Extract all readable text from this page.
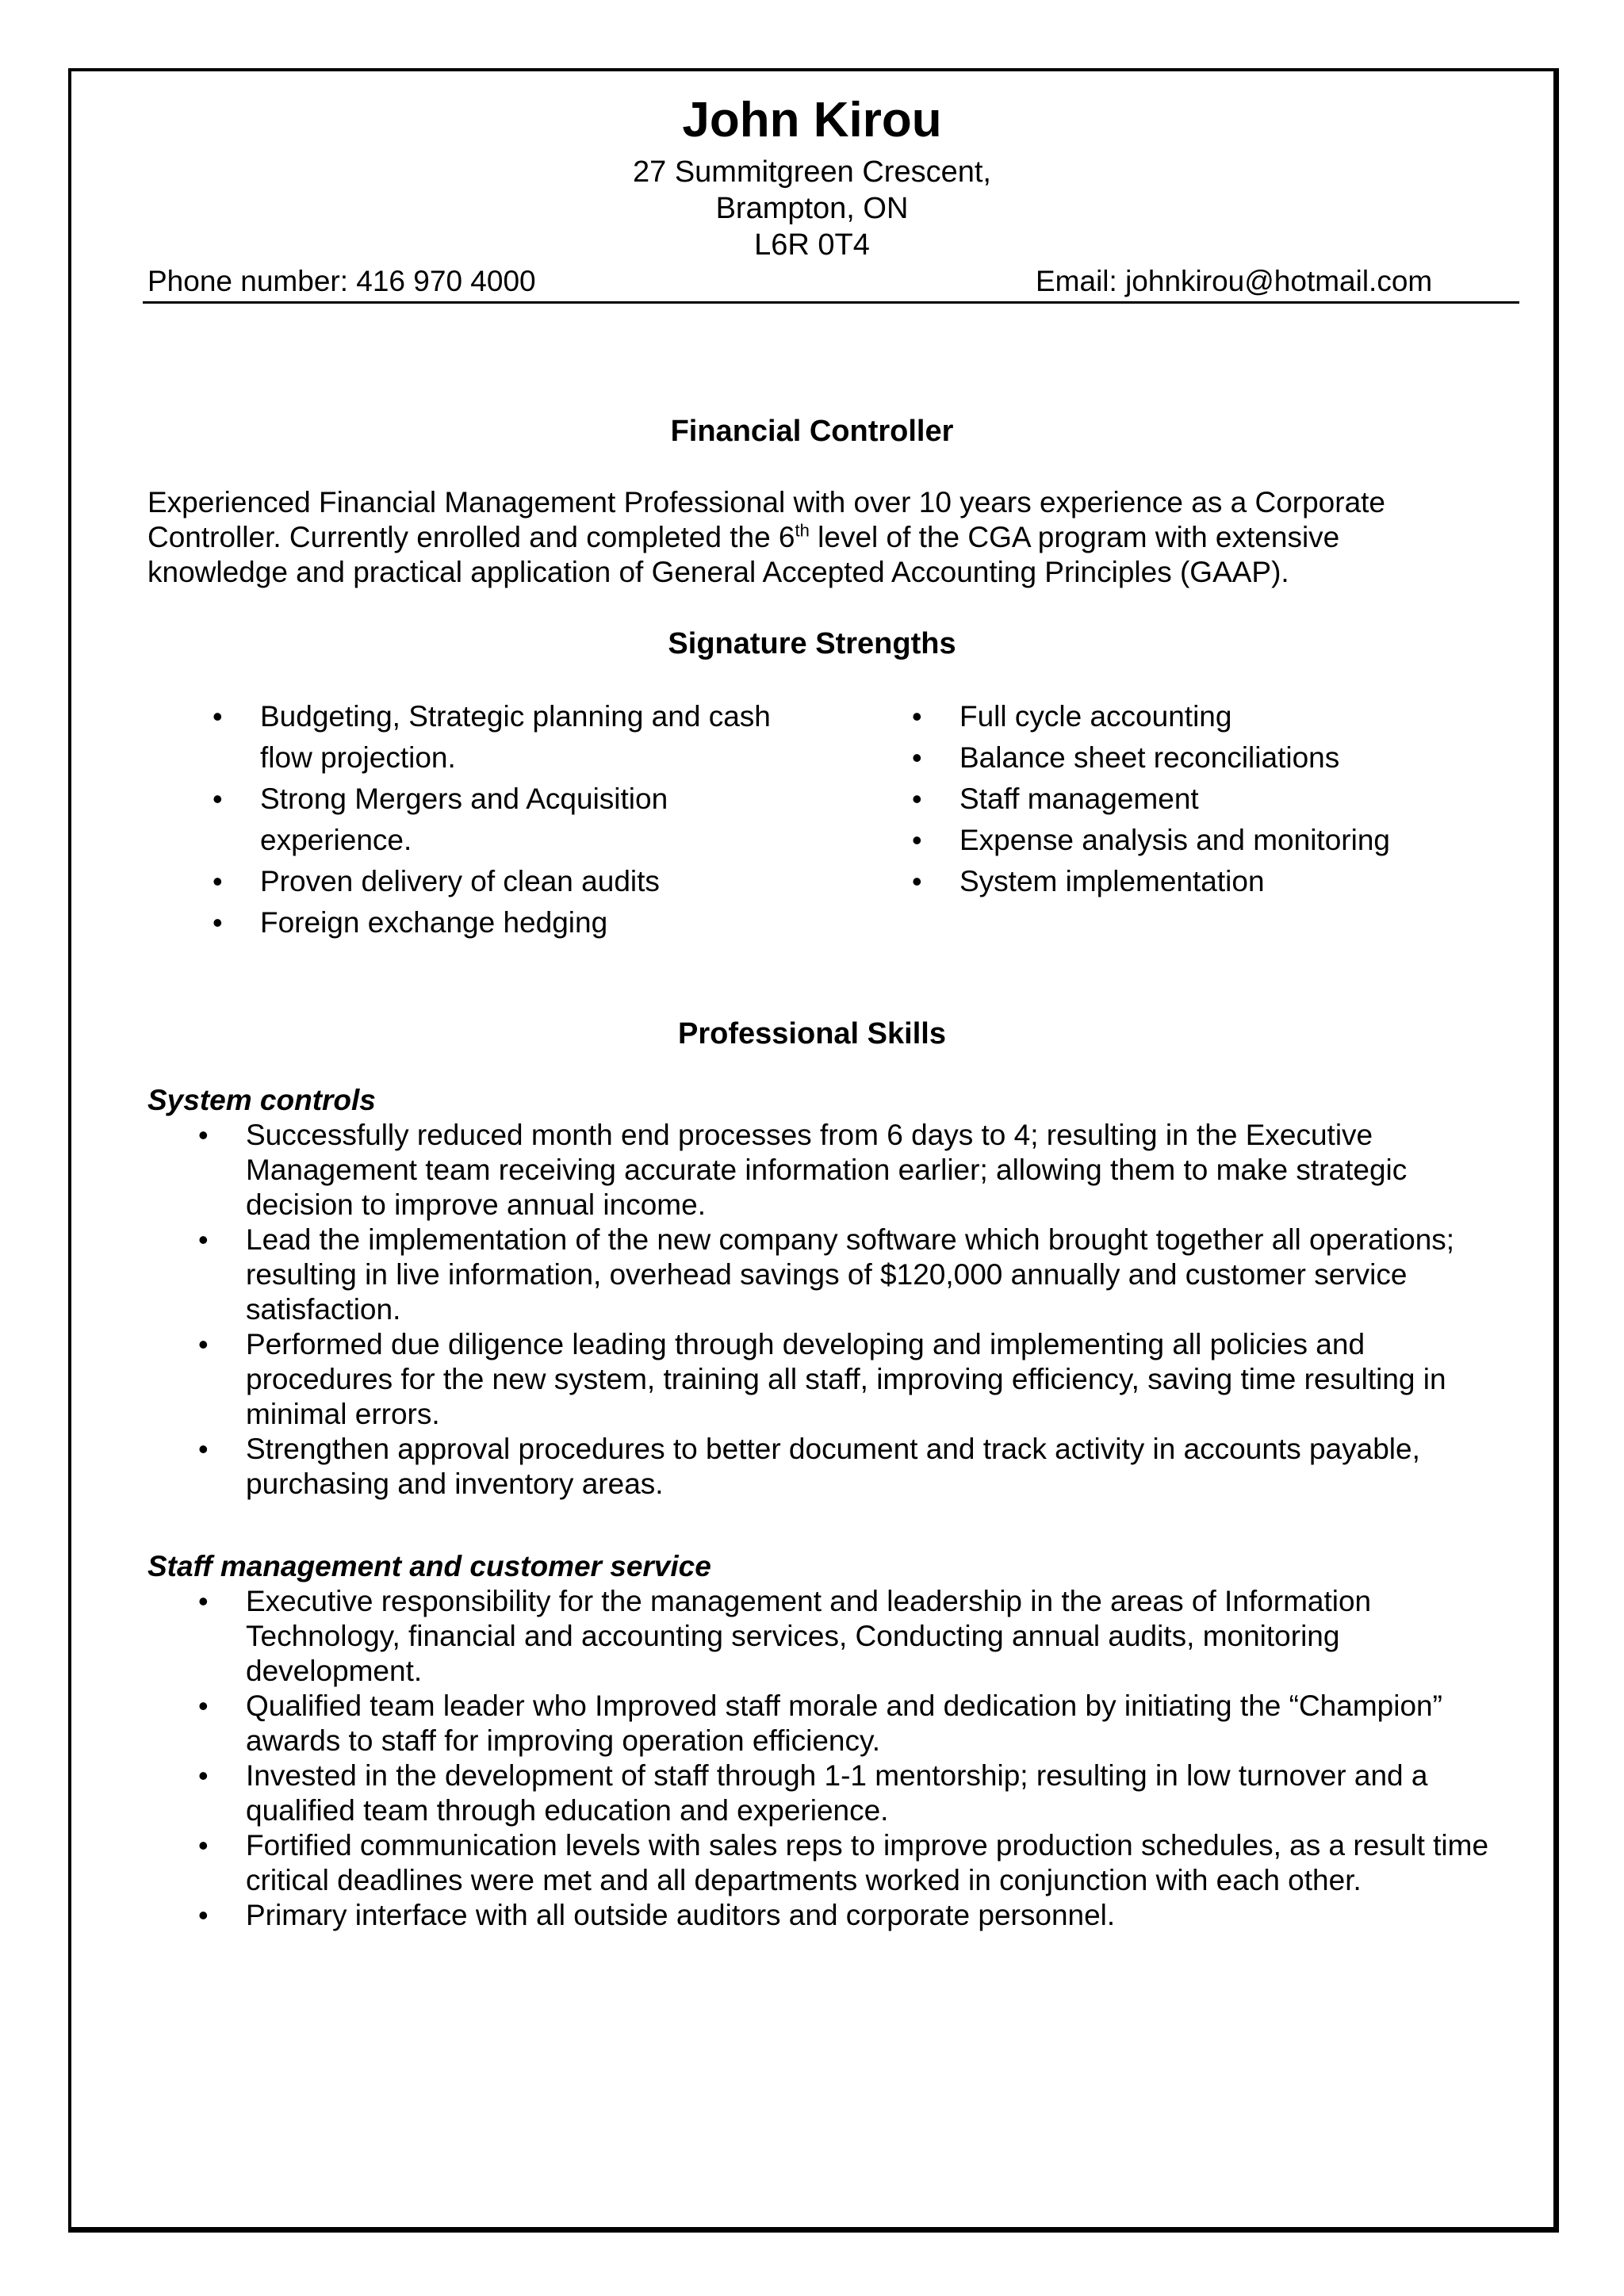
John Kirou
27 Summitgreen Crescent,
Brampton, ON
L6R 0T4
Phone number: 416 970 4000	Email: johnkirou@hotmail.com
Financial Controller

Experienced Financial Management Professional with over 10 years experience as a Corporate Controller. Currently enrolled and completed the 6th level of the CGA program with extensive knowledge and practical application of General Accepted Accounting Principles (GAAP).

Signature Strengths
• Budgeting, Strategic planning and cash flow projection.
• Strong Mergers and Acquisition experience.
• Proven delivery of clean audits
• Foreign exchange hedging
• Full cycle accounting
• Balance sheet reconciliations
• Staff management
• Expense analysis and monitoring
• System implementation
Professional Skills
System controls
• Successfully reduced month end processes from 6 days to 4; resulting in the Executive Management team receiving accurate information earlier; allowing them to make strategic decision to improve annual income.
• Lead the implementation of the new company software which brought together all operations; resulting in live information, overhead savings of $120,000 annually and customer service satisfaction.
• Performed due diligence leading through developing and implementing all policies and procedures for the new system, training all staff, improving efficiency, saving time resulting in minimal errors.
• Strengthen approval procedures to better document and track activity in accounts payable, purchasing and inventory areas.
Staff management and customer service
• Executive responsibility for the management and leadership in the areas of Information Technology, financial and accounting services, Conducting annual audits, monitoring development.
• Qualified team leader who Improved staff morale and dedication by initiating the “Champion” awards to staff for improving operation efficiency.
• Invested in the development of staff through 1-1 mentorship; resulting in low turnover and a qualified team through education and experience.
• Fortified communication levels with sales reps to improve production schedules, as a result time critical deadlines were met and all departments worked in conjunction with each other.
• Primary interface with all outside auditors and corporate personnel.
